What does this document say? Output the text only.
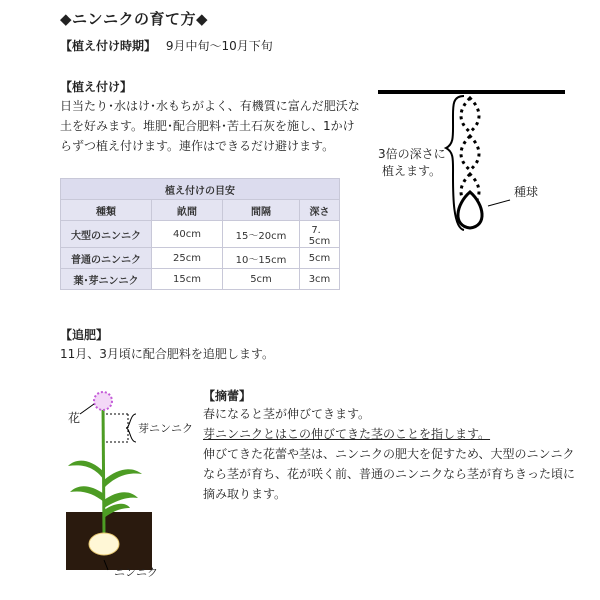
◆ニンニクの育て方◆
【植え付け時期】 9月中旬〜10月下旬
【植え付け】
日当たり･水はけ･水もちがよく、有機質に富んだ肥沃な
土を好みます。堆肥･配合肥料･苦土石灰を施し、1かけ
らずつ植え付けます。連作はできるだけ避けます。
植え付けの目安			
種類	畝間	間隔	深さ
大型のニンニク	40cm	15〜20cm	7．5cm
普通のニンニク	25cm	10〜15cm	5cm
葉･芽ニンニク	15cm	5cm	3cm
3倍の深さに
植えます。
種球
【追肥】
11月、3月頃に配合肥料を追肥します。
花
芽ニンニク
ニンニク
【摘蕾】
春になると茎が伸びてきます。
芽ニンニクとはこの伸びてきた茎のことを指します。
伸びてきた花蕾や茎は、ニンニクの肥大を促すため、大型のニンニク
なら茎が育ち、花が咲く前、普通のニンニクなら茎が育ちきった頃に
摘み取ります。
